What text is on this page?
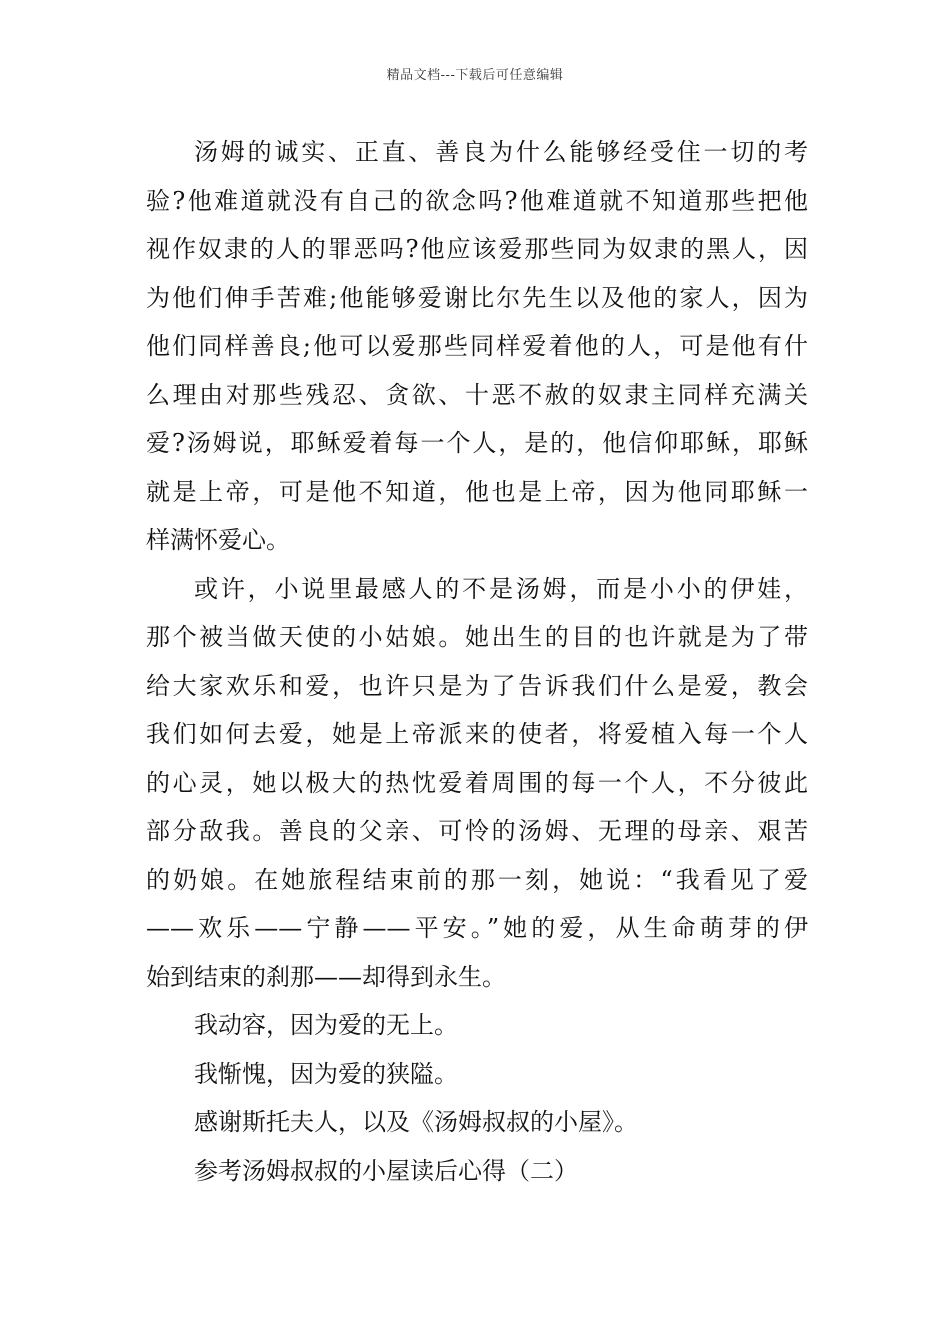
精品文档---下载后可任意编辑
汤姆的诚实、正直、善良为什么能够经受住一切的考
验?他难道就没有自己的欲念吗?他难道就不知道那些把他
视作奴隶的人的罪恶吗?他应该爱那些同为奴隶的黑人，因
为他们伸手苦难;他能够爱谢比尔先生以及他的家人，因为
他们同样善良;他可以爱那些同样爱着他的人，可是他有什
么理由对那些残忍、贪欲、十恶不赦的奴隶主同样充满关
爱?汤姆说，耶稣爱着每一个人，是的，他信仰耶稣，耶稣
就是上帝，可是他不知道，他也是上帝，因为他同耶稣一
样满怀爱心。
或许，小说里最感人的不是汤姆，而是小小的伊娃，
那个被当做天使的小姑娘。她出生的目的也许就是为了带
给大家欢乐和爱，也许只是为了告诉我们什么是爱，教会
我们如何去爱，她是上帝派来的使者，将爱植入每一个人
的心灵，她以极大的热忱爱着周围的每一个人，不分彼此
部分敌我。善良的父亲、可怜的汤姆、无理的母亲、艰苦
的奶娘。在她旅程结束前的那一刻，她说：“我看见了爱
——欢乐——宁静——平安。”她的爱，从生命萌芽的伊
始到结束的刹那——却得到永生。
我动容，因为爱的无上。
我惭愧，因为爱的狭隘。
感谢斯托夫人，以及《汤姆叔叔的小屋》。
参考汤姆叔叔的小屋读后心得（二）
